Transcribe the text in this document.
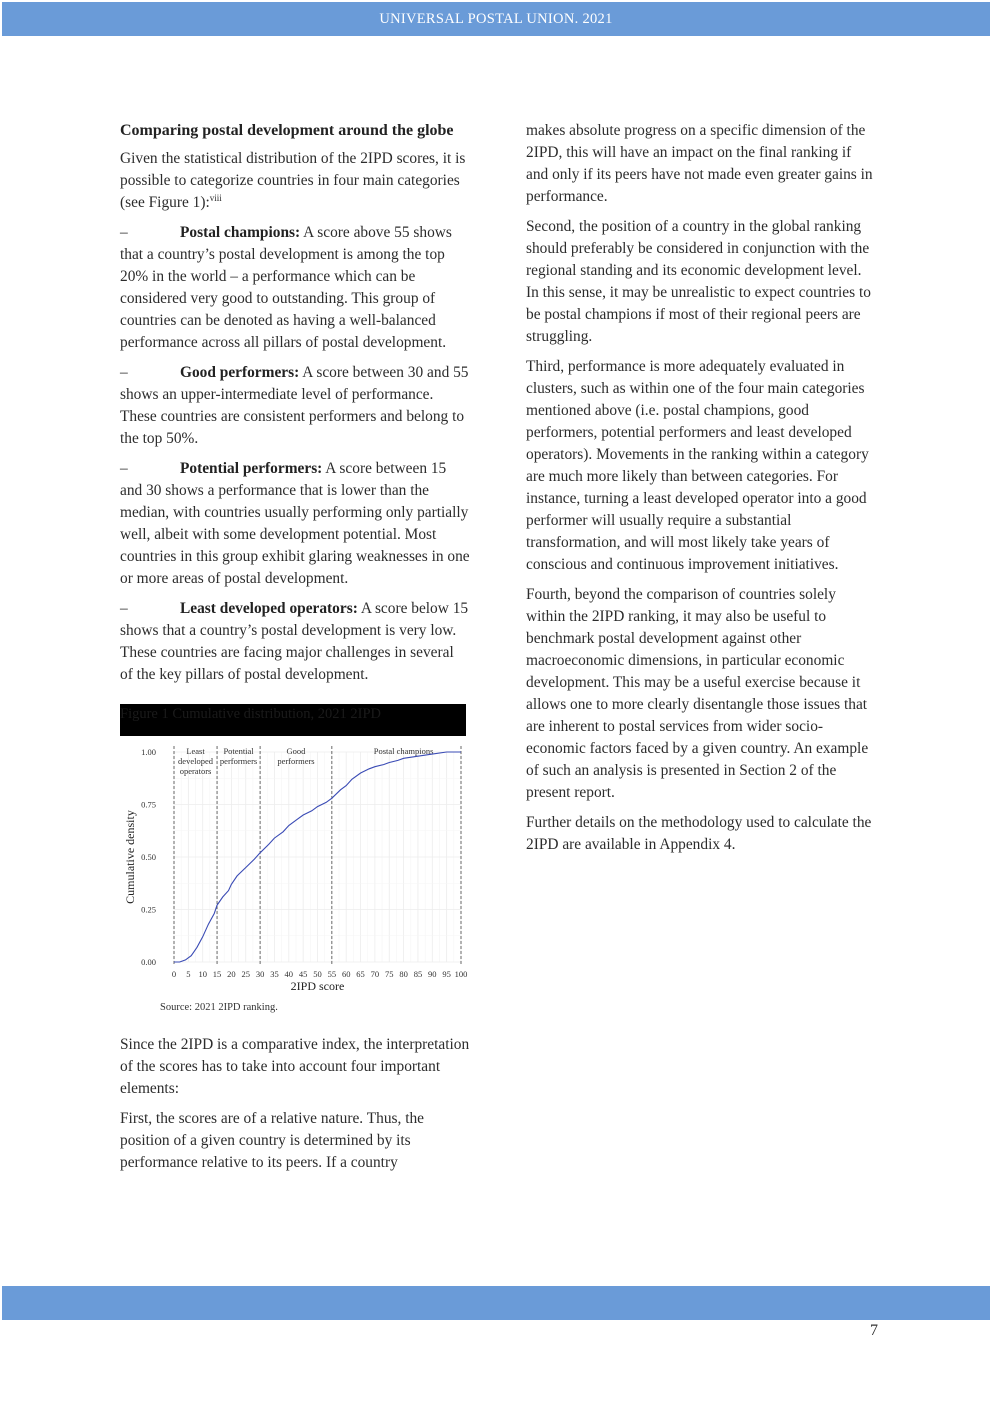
UNIVERSAL POSTAL UNION. 2021
Comparing postal development around the globe

Given the statistical distribution of the 2IPD scores, it is possible to categorize countries in four main categories (see Figure 1):$^{viii}$

–	Postal champions: A score above 55 shows that a country’s postal development is among the top 20% in the world – a performance which can be considered very good to outstanding. This group of countries can be denoted as having a well-balanced performance across all pillars of postal development.

–	Good performers: A score between 30 and 55 shows an upper-intermediate level of performance. These countries are consistent performers and belong to the top 50%.

–	Potential performers: A score between 15 and 30 shows a performance that is lower than the median, with countries usually performing only partially well, albeit with some development potential. Most countries in this group exhibit glaring weaknesses in one or more areas of postal development.

–	Least developed operators: A score below 15 shows that a country’s postal development is very low. These countries are facing major challenges in several of the key pillars of postal development.

Figure 1 Cumulative distribution, 2021 2IPD
Least
developed
operators
Potential
performers
Good
performers
Postal champions
0.00
0.25
0.50
0.75
1.00
0 5 10 15 20 25 30 35 40 45 50 55 60 65 70 75 80 85 90 95 100
2IPD score
Cumulative density
Source: 2021 2IPD ranking.

Since the 2IPD is a comparative index, the interpretation of the scores has to take into account four important elements:

First, the scores are of a relative nature. Thus, the position of a given country is determined by its performance relative to its peers. If a country

makes absolute progress on a specific dimension of the 2IPD, this will have an impact on the final ranking if and only if its peers have not made even greater gains in performance.

Second, the position of a country in the global ranking should preferably be considered in conjunction with the regional standing and its economic development level. In this sense, it may be unrealistic to expect countries to be postal champions if most of their regional peers are struggling.

Third, performance is more adequately evaluated in clusters, such as within one of the four main categories mentioned above (i.e. postal champions, good performers, potential performers and least developed operators). Movements in the ranking within a category are much more likely than between categories. For instance, turning a least developed operator into a good performer will usually require a substantial transformation, and will most likely take years of conscious and continuous improvement initiatives.

Fourth, beyond the comparison of countries solely within the 2IPD ranking, it may also be useful to benchmark postal development against other macroeconomic dimensions, in particular economic development. This may be a useful exercise because it allows one to more clearly disentangle those issues that are inherent to postal services from wider socio-economic factors faced by a given country. An example of such an analysis is presented in Section 2 of the present report.

Further details on the methodology used to calculate the 2IPD are available in Appendix 4.

7
